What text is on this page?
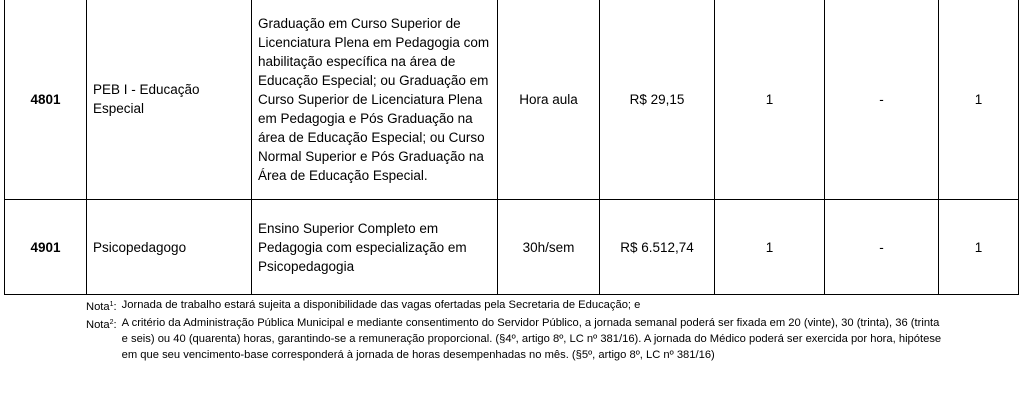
4801	PEB I - Educação Especial	Graduação em Curso Superior de Licenciatura Plena em Pedagogia com habilitação específica na área de Educação Especial; ou Graduação em Curso Superior de Licenciatura Plena em Pedagogia e Pós Graduação na área de Educação Especial; ou Curso Normal Superior e Pós Graduação na Área de Educação Especial.	Hora aula	R$ 29,15	1	-	1
4901	Psicopedagogo	Ensino Superior Completo em Pedagogia com especialização em Psicopedagogia	30h/sem	R$ 6.512,74	1	-	1
Nota$^1$: Jornada de trabalho estará sujeita a disponibilidade das vagas ofertadas pela Secretaria de Educação; e
Nota$^2$: A critério da Administração Pública Municipal e mediante consentimento do Servidor Público, a jornada semanal poderá ser fixada em 20 (vinte), 30 (trinta), 36 (trinta e seis) ou 40 (quarenta) horas, garantindo-se a remuneração proporcional. (§4º, artigo 8º, LC nº 381/16). A jornada do Médico poderá ser exercida por hora, hipótese em que seu vencimento-base corresponderá à jornada de horas desempenhadas no mês. (§5º, artigo 8º, LC nº 381/16)
